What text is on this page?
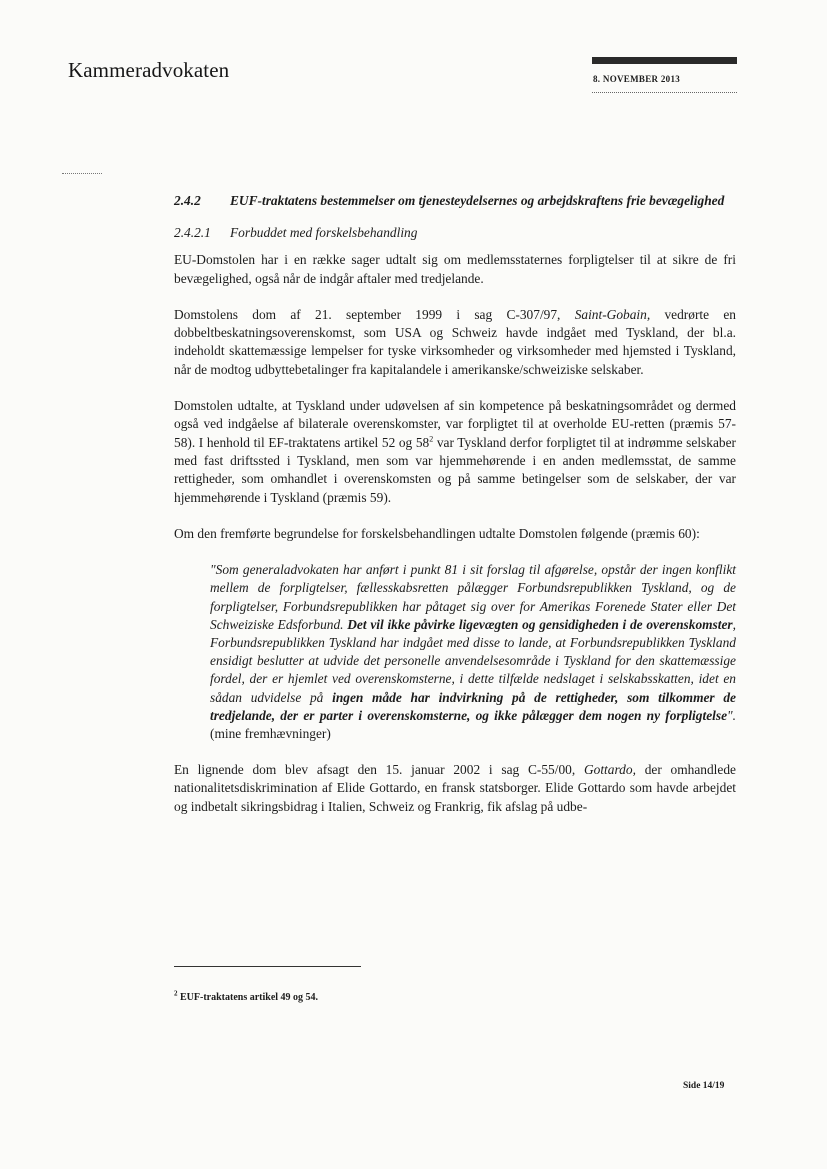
Kammeradvokaten	8. NOVEMBER 2013
2.4.2	EUF-traktatens bestemmelser om tjenesteydelsernes og arbejdskraftens frie bevægelighed
2.4.2.1	Forbuddet med forskelsbehandling

EU-Domstolen har i en række sager udtalt sig om medlemsstaternes forpligtelser til at sikre de fri bevægelighed, også når de indgår aftaler med tredjelande.

Domstolens dom af 21. september 1999 i sag C-307/97, Saint-Gobain, vedrørte en dobbeltbeskatningsoverenskomst, som USA og Schweiz havde indgået med Tyskland, der bl.a. indeholdt skattemæssige lempelser for tyske virksomheder og virksomheder med hjemsted i Tyskland, når de modtog udbyttebetalinger fra kapitalandele i amerikanske/schweiziske selskaber.

Domstolen udtalte, at Tyskland under udøvelsen af sin kompetence på beskatningsområdet og dermed også ved indgåelse af bilaterale overenskomster, var forpligtet til at overholde EU-retten (præmis 57-58). I henhold til EF-traktatens artikel 52 og $58^2$ var Tyskland derfor forpligtet til at indrømme selskaber med fast driftssted i Tyskland, men som var hjemmehørende i en anden medlemsstat, de samme rettigheder, som omhandlet i overenskomsten og på samme betingelser som de selskaber, der var hjemmehørende i Tyskland (præmis 59).

Om den fremførte begrundelse for forskelsbehandlingen udtalte Domstolen følgende (præmis 60):

"Som generaladvokaten har anført i punkt 81 i sit forslag til afgørelse, opstår der ingen konflikt mellem de forpligtelser, fællesskabsretten pålægger Forbundsrepublikken Tyskland, og de forpligtelser, Forbundsrepublikken har påtaget sig over for Amerikas Forenede Stater eller Det Schweiziske Edsforbund. Det vil ikke påvirke ligevægten og gensidigheden i de overenskomster, Forbundsrepublikken Tyskland har indgået med disse to lande, at Forbundsrepublikken Tyskland ensidigt beslutter at udvide det personelle anvendelsesområde i Tyskland for den skattemæssige fordel, der er hjemlet ved overenskomsterne, i dette tilfælde nedslaget i selskabsskatten, idet en sådan udvidelse på ingen måde har indvirkning på de rettigheder, som tilkommer de tredjelande, der er parter i overenskomsterne, og ikke pålægger dem nogen ny forpligtelse". (mine fremhævninger)

En lignende dom blev afsagt den 15. januar 2002 i sag C-55/00, Gottardo, der omhandlede nationalitetsdiskrimination af Elide Gottardo, en fransk statsborger. Elide Gottardo som havde arbejdet og indbetalt sikringsbidrag i Italien, Schweiz og Frankrig, fik afslag på udbe-

$^2$ EUF-traktatens artikel 49 og 54.
Side 14/19
